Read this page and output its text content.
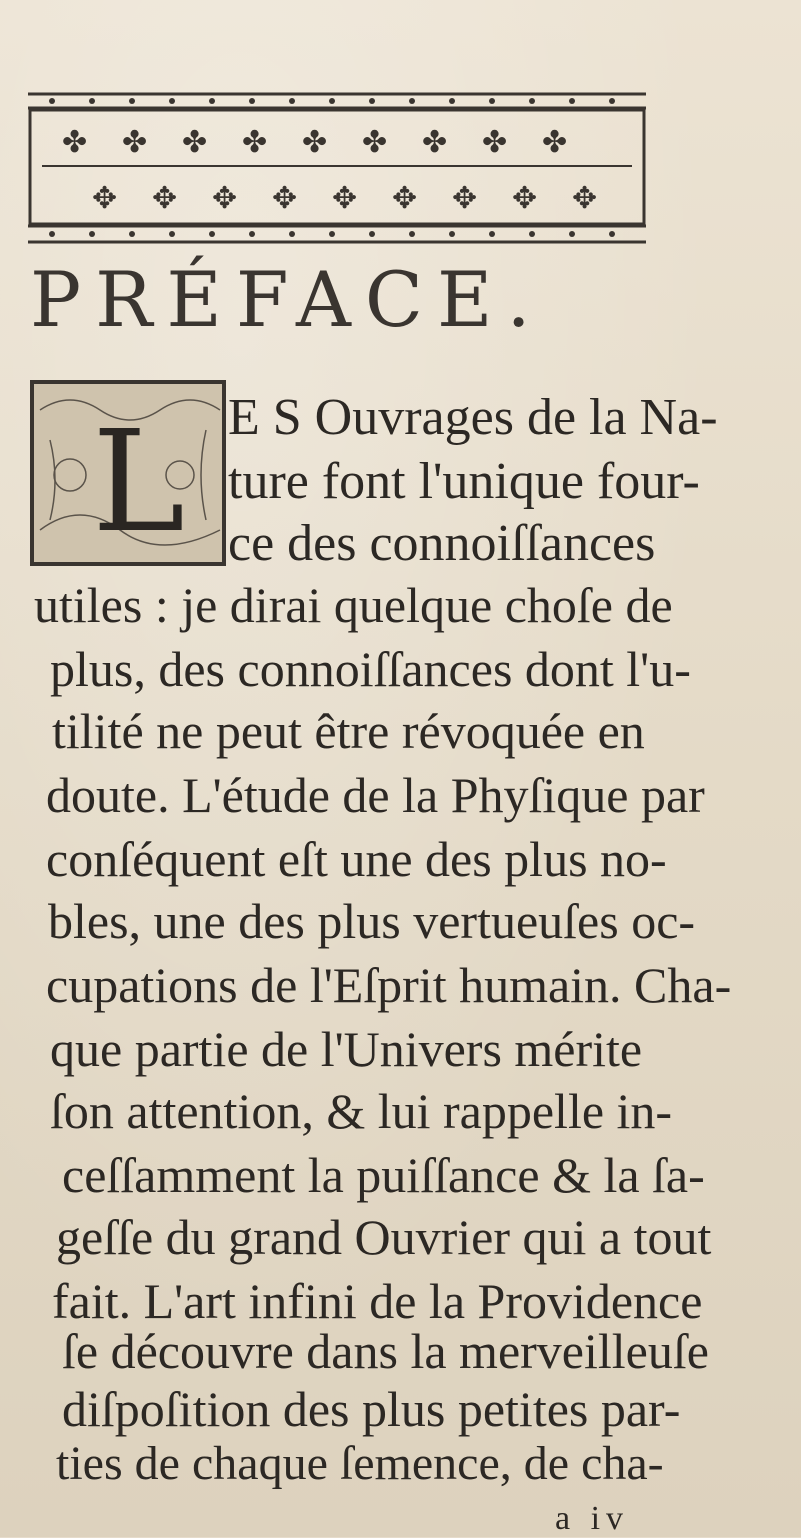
✤ ✤ ✤ ✤ ✤ ✤ ✤ ✤ ✤
✥ ✥ ✥ ✥ ✥ ✥ ✥ ✥ ✥
PRÉFACE.
L E S Ouvrages de la Na-
ture font l'unique four-
ce des connoiſſances
utiles : je dirai quelque choſe de
plus, des connoiſſances dont l'u-
tilité ne peut être révoquée en
doute. L'étude de la Phyſique par
conſéquent eſt une des plus no-
bles, une des plus vertueuſes oc-
cupations de l'Eſprit humain. Cha-
que partie de l'Univers mérite
ſon attention, & lui rappelle in-
ceſſamment la puiſſance & la ſa-
geſſe du grand Ouvrier qui a tout
fait. L'art infini de la Providence
ſe découvre dans la merveilleuſe
diſpoſition des plus petites par-
ties de chaque ſemence, de cha-
a iv
